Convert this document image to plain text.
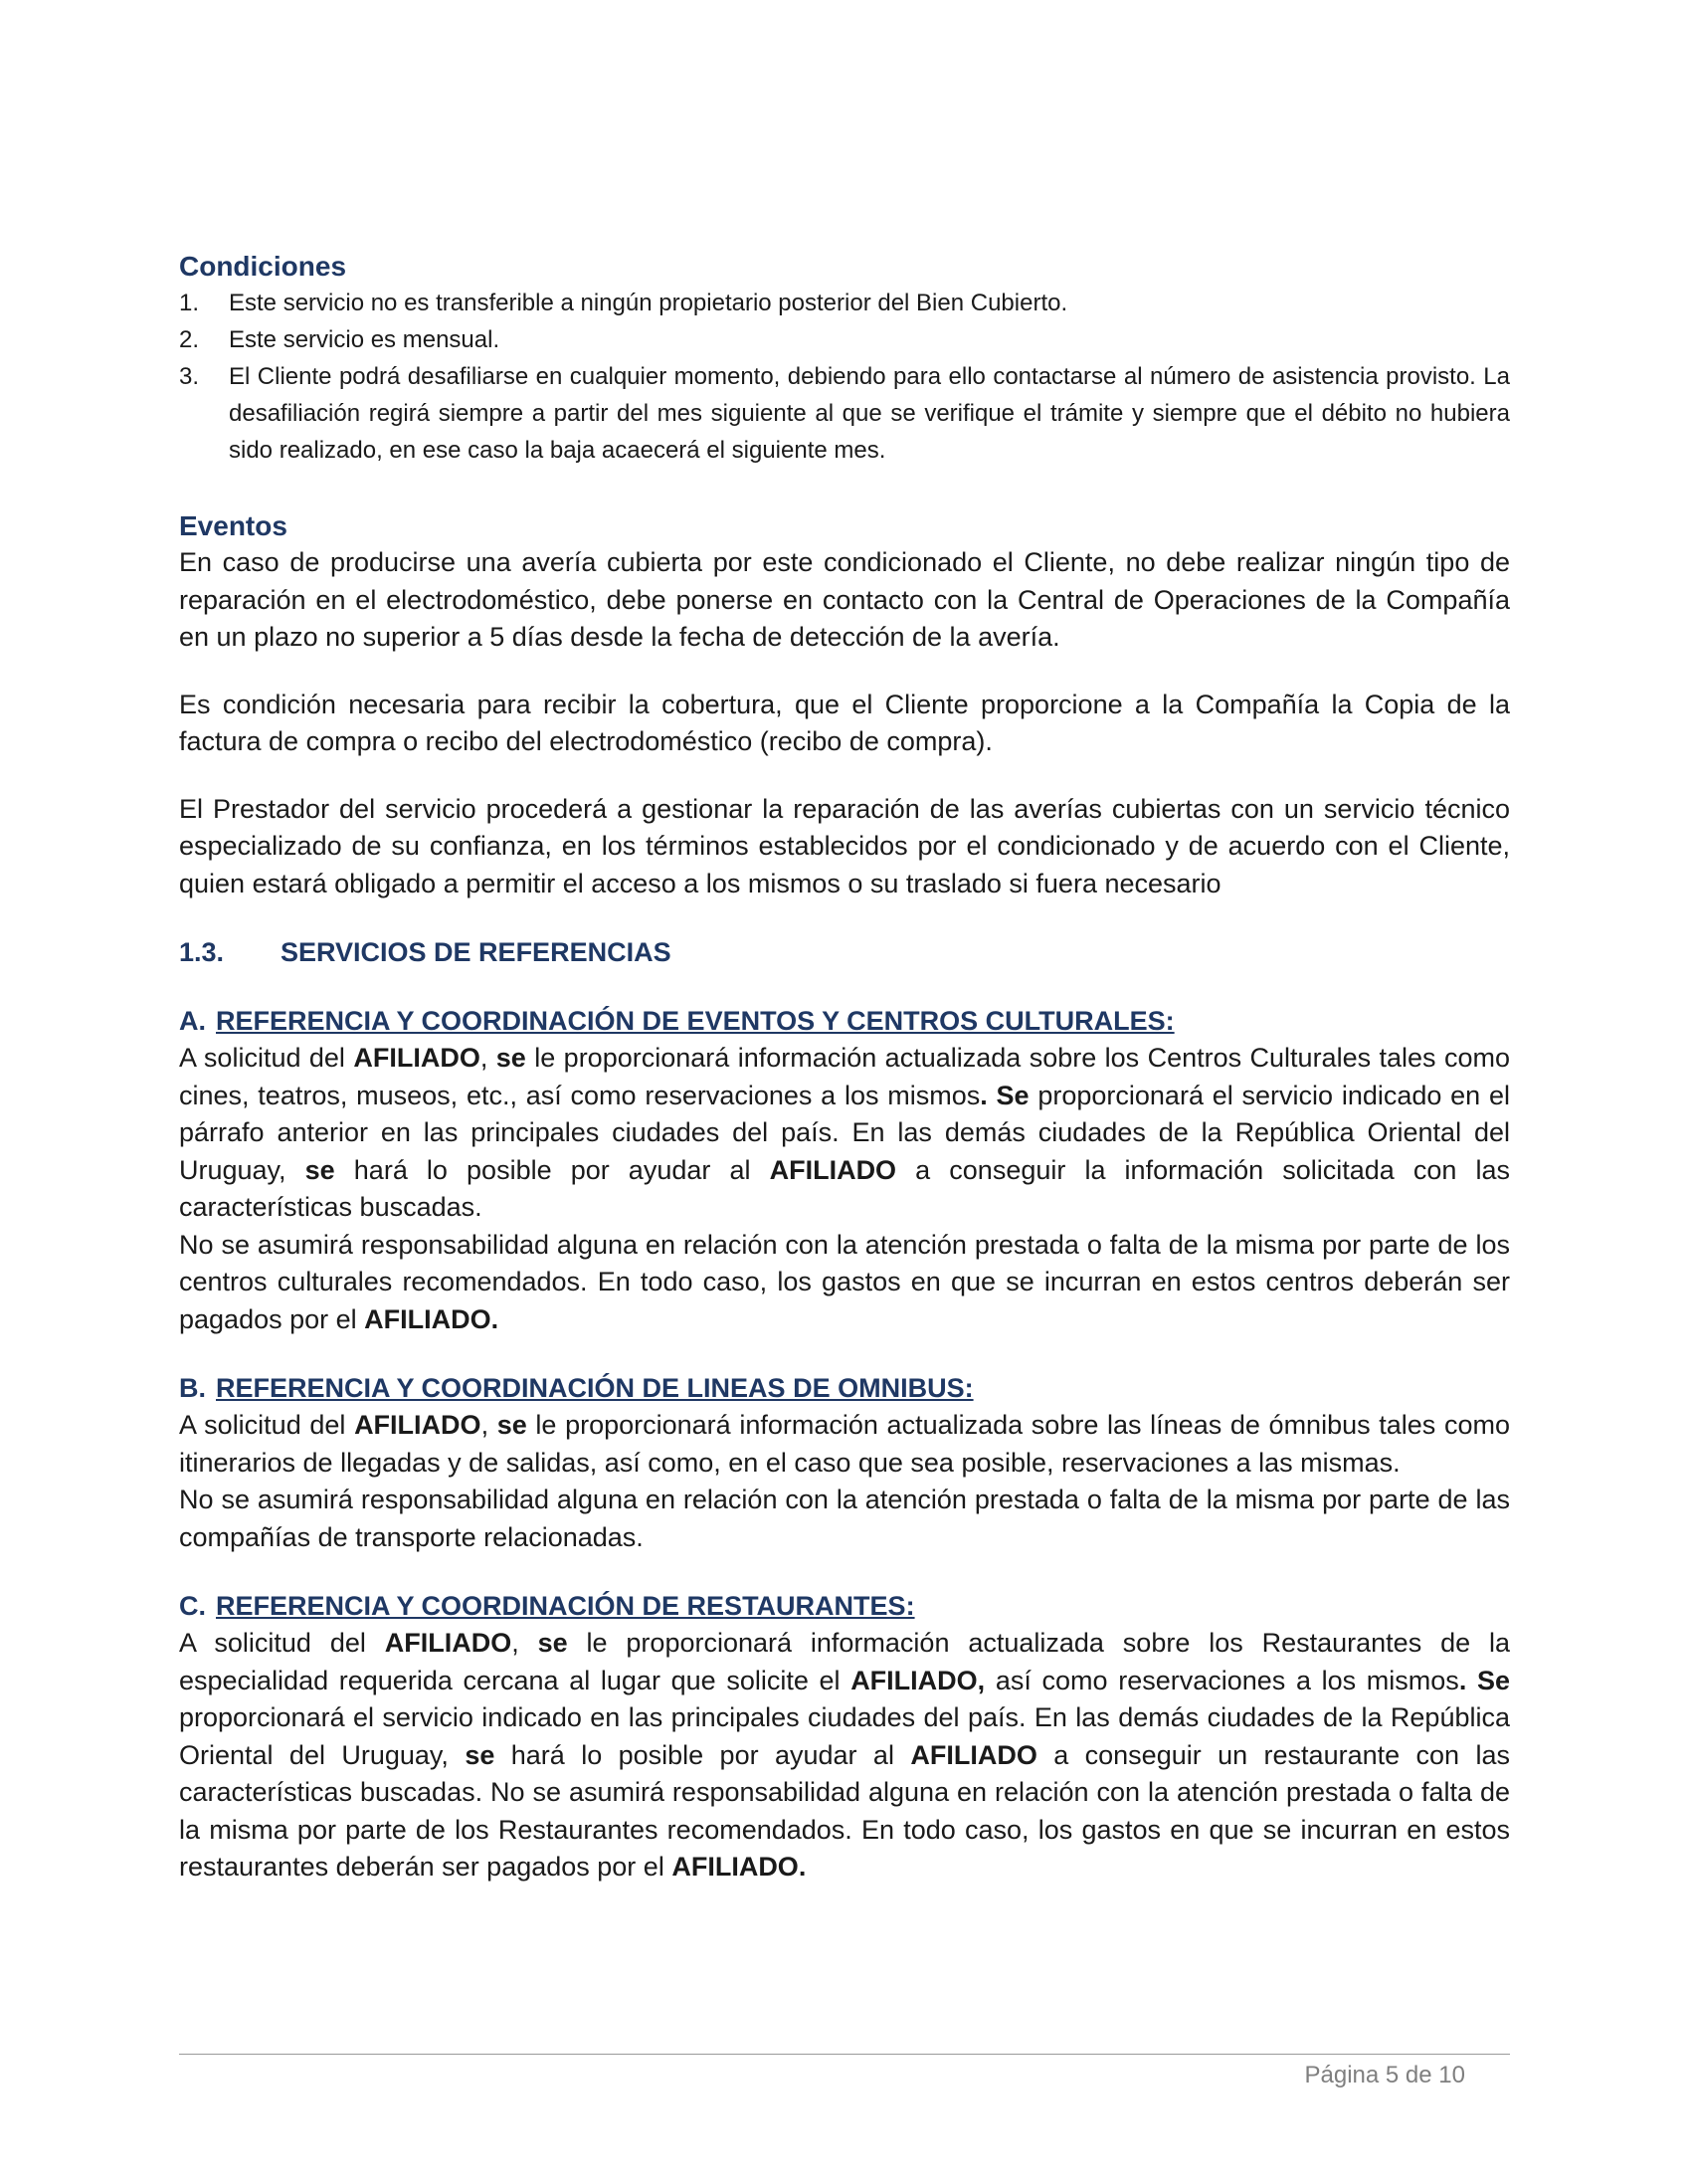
Condiciones
1. Este servicio no es transferible a ningún propietario posterior del Bien Cubierto.
2. Este servicio es mensual.
3. El Cliente podrá desafiliarse en cualquier momento, debiendo para ello contactarse al número de asistencia provisto. La desafiliación regirá siempre a partir del mes siguiente al que se verifique el trámite y siempre que el débito no hubiera sido realizado, en ese caso la baja acaecerá el siguiente mes.
Eventos

En caso de producirse una avería cubierta por este condicionado el Cliente, no debe realizar ningún tipo de reparación en el electrodoméstico, debe ponerse en contacto con la Central de Operaciones de la Compañía en un plazo no superior a 5 días desde la fecha de detección de la avería.

Es condición necesaria para recibir la cobertura, que el Cliente proporcione a la Compañía la Copia de la factura de compra o recibo del electrodoméstico (recibo de compra).

El Prestador del servicio procederá a gestionar la reparación de las averías cubiertas con un servicio técnico especializado de su confianza, en los términos establecidos por el condicionado y de acuerdo con el Cliente, quien estará obligado a permitir el acceso a los mismos o su traslado si fuera necesario

1.3.	SERVICIOS DE REFERENCIAS
A. REFERENCIA Y COORDINACIÓN DE EVENTOS Y CENTROS CULTURALES:

A solicitud del AFILIADO, se le proporcionará información actualizada sobre los Centros Culturales tales como cines, teatros, museos, etc., así como reservaciones a los mismos. Se proporcionará el servicio indicado en el párrafo anterior en las principales ciudades del país. En las demás ciudades de la República Oriental del Uruguay, se hará lo posible por ayudar al AFILIADO a conseguir la información solicitada con las características buscadas.

No se asumirá responsabilidad alguna en relación con la atención prestada o falta de la misma por parte de los centros culturales recomendados. En todo caso, los gastos en que se incurran en estos centros deberán ser pagados por el AFILIADO.

B. REFERENCIA Y COORDINACIÓN DE LINEAS DE OMNIBUS:

A solicitud del AFILIADO, se le proporcionará información actualizada sobre las líneas de ómnibus tales como itinerarios de llegadas y de salidas, así como, en el caso que sea posible, reservaciones a las mismas.

No se asumirá responsabilidad alguna en relación con la atención prestada o falta de la misma por parte de las compañías de transporte relacionadas.

C. REFERENCIA Y COORDINACIÓN DE RESTAURANTES:

A solicitud del AFILIADO, se le proporcionará información actualizada sobre los Restaurantes de la especialidad requerida cercana al lugar que solicite el AFILIADO, así como reservaciones a los mismos. Se proporcionará el servicio indicado en las principales ciudades del país. En las demás ciudades de la República Oriental del Uruguay, se hará lo posible por ayudar al AFILIADO a conseguir un restaurante con las características buscadas. No se asumirá responsabilidad alguna en relación con la atención prestada o falta de la misma por parte de los Restaurantes recomendados. En todo caso, los gastos en que se incurran en estos restaurantes deberán ser pagados por el AFILIADO.

Página 5 de 10
